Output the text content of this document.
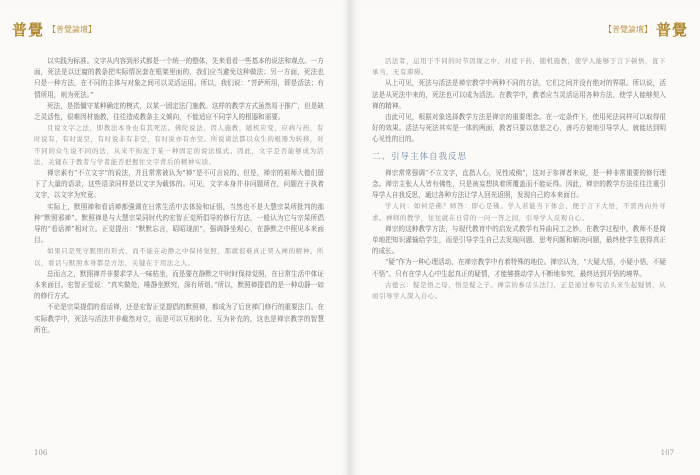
普覺 【普覺論壇】

以实践为标准。文字从内容到形式都是一个统一的整体，先来看看一些基本的说法和观点。一方面，死法是以迂腐的教条把实际情况套在框架里面的，我们应当避免这种做法；另一方面，死法也只是一种方法，在不同的主体与对象之间可以灵活运用。所以，我们说：“菩萨所用，即是活法；有情所用，则为死法。”

死法，是指僵守某种确定的模式，以某一固定法门施教。这样的教学方式虽然易于推广，但是缺乏灵活性，很难因材施教，往往造成教条主义倾向，不能适应不同学人的根器和需要。

且说文字之法，即教法本身也有其死活。佛陀说法，因人施教，随机应变，应病与药，有时说有，有时说空，有时说非有非空，有时说亦有亦空。所说诸法都以众生的根器为转移，对不同的众生说不同的法，从来不拘泥于某一种固定的说法模式。因此，文字是否能够成为活法，关键在于教者与学者能否把握住文字背后的精神实质。

禅宗素有“不立文字”的说法，并且常常被认为“禅”是不可言说的。但是，禅宗的祖师大德们留下了大量的语录，这些语录同样是以文字为载体的。可见，文字本身并非问题所在，问题在于执着文字，以文字为究竟。

实际上，默照禅和看话禅都强调在日常生活中去体验和证悟，当然也不是大慧宗杲所批判的那种“默照邪禅”。默照禅是与大慧宗杲同时代的宏智正觉所倡导的修行方法，一般认为它与宗杲所倡导的“看话禅”相对立。正觉提出：“默默忘言，昭昭现前”，强调静坐观心，在静默之中照见本来面目。

如果只是死守默照的形式，而不能在动静之中保持觉照，那就很难真正契入禅的精神。所以，看话与默照本身都是方法，关键在于用法之人。

总而言之，默照禅并非要求学人一味枯坐，而是要在静默之中时时保持觉照，在日常生活中体证本来面目。宏智正觉说：“真实做处，唯静坐默究，深有所诣。”所以，默照禅提倡的是一种动静一如的修行方式。

不论是宗杲提倡的看话禅，还是宏智正觉提倡的默照禅，都成为了后世禅门修行的重要法门。在实际教学中，死法与活法并非截然对立，而是可以互相转化、互为补充的，这也是禅宗教学的智慧所在。

106
【普覺論壇】 普覺

活法者，运用于不同的时节因缘之中，对症下药，随机施教，使学人能够于言下顿悟，直下承当，无有滞碍。

从上可见，死法与活法是禅宗教学中两种不同的方法，它们之间并没有绝对的界限。所以说，活法是从死法中来的，死法也可以成为活法。在教学中，教者应当灵活运用各种方法，使学人能够契入禅的精神。

由此可见，根据对象选择教学方法是禅宗的重要理念。在一定条件下，使用死法同样可以取得很好的效果。活法与死法其实是一体的两面，教者只要以慈悲之心，善巧方便地引导学人，就能达到明心见性的目的。

二、引导主体自我反思

禅宗常常强调“不立文字，直指人心，见性成佛”，这对于参禅者来说，是一种非常重要的修行理念。禅宗主张人人皆有佛性，只是被妄想执着所覆盖而不能证得。因此，禅宗的教学方法往往注重引导学人自我反思，通过各种方法让学人回光返照，发现自己的本来面目。

学人问：如何是佛？师答：即心是佛。学人若能当下体会，便于言下大悟，不需再向外寻求。禅师的教学，往往就在日常的一问一答之间，引导学人反观自心。

禅宗的这种教学方法，与现代教育中的启发式教学有异曲同工之妙。在教学过程中，教师不是简单地把知识灌输给学生，而是引导学生自己去发现问题、思考问题和解决问题，最终使学生获得真正的成长。

“疑”作为一种心理活动，在禅宗教学中有着特殊的地位。禅宗认为，“大疑大悟，小疑小悟，不疑不悟”。只有在学人心中生起真正的疑情，才能够推动学人不断地参究，最终达到开悟的境界。

古德云：疑是悟之母，悟是疑之子。禅宗的参话头法门，正是通过参究话头来生起疑情，从而引导学人深入自心。

107
